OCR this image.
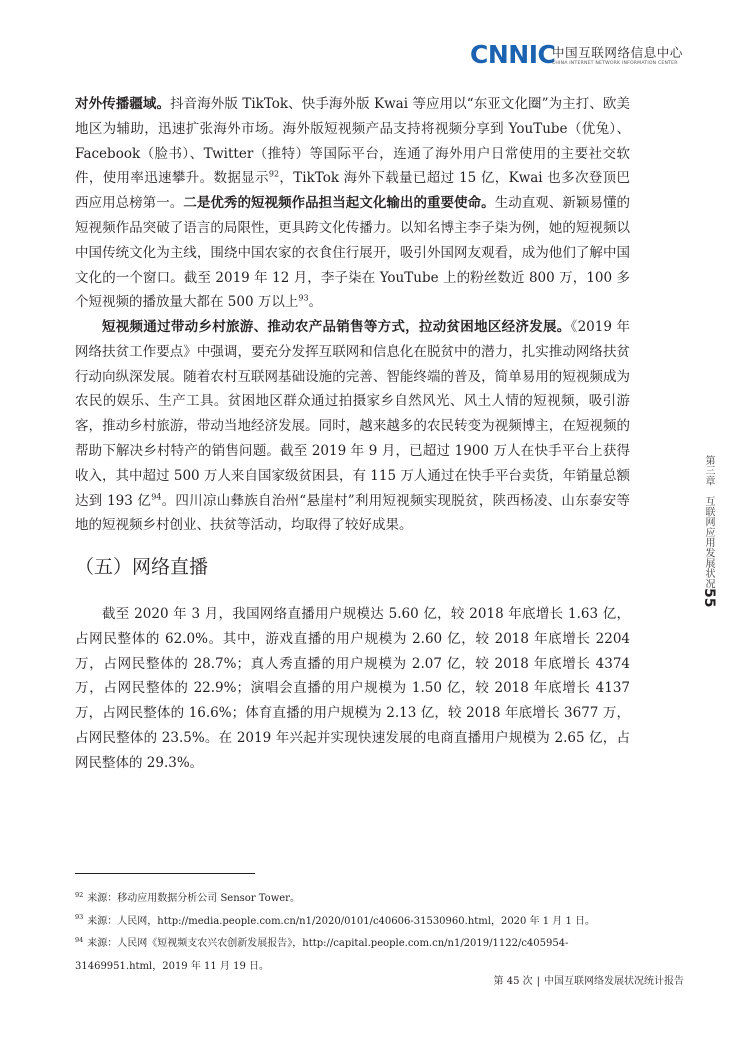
CNNIC
中国互联网络信息中心
CHINA INTERNET NETWORK INFORMATION CENTER

对外传播疆域。抖音海外版 TikTok、快手海外版 Kwai 等应用以“东亚文化圈”为主打、欧美地区为辅助，迅速扩张海外市场。海外版短视频产品支持将视频分享到 YouTube（优兔）、Facebook（脸书）、Twitter（推特）等国际平台，连通了海外用户日常使用的主要社交软件，使用率迅速攀升。数据显示$^{92}$，TikTok 海外下载量已超过 15 亿，Kwai 也多次登顶巴西应用总榜第一。二是优秀的短视频作品担当起文化输出的重要使命。生动直观、新颖易懂的短视频作品突破了语言的局限性，更具跨文化传播力。以知名博主李子柒为例，她的短视频以中国传统文化为主线，围绕中国农家的衣食住行展开，吸引外国网友观看，成为他们了解中国文化的一个窗口。截至 2019 年 12 月，李子柒在 YouTube 上的粉丝数近 800 万，100 多个短视频的播放量大都在 500 万以上$^{93}$。

短视频通过带动乡村旅游、推动农产品销售等方式，拉动贫困地区经济发展。《2019 年网络扶贫工作要点》中强调，要充分发挥互联网和信息化在脱贫中的潜力，扎实推动网络扶贫行动向纵深发展。随着农村互联网基础设施的完善、智能终端的普及，简单易用的短视频成为农民的娱乐、生产工具。贫困地区群众通过拍摄家乡自然风光、风土人情的短视频，吸引游客，推动乡村旅游，带动当地经济发展。同时，越来越多的农民转变为视频博主，在短视频的帮助下解决乡村特产的销售问题。截至 2019 年 9 月，已超过 1900 万人在快手平台上获得收入，其中超过 500 万人来自国家级贫困县，有 115 万人通过在快手平台卖货，年销量总额达到 193 亿$^{94}$。四川凉山彝族自治州“悬崖村”利用短视频实现脱贫，陕西杨凌、山东泰安等地的短视频乡村创业、扶贫等活动，均取得了较好成果。

（五）网络直播

截至 2020 年 3 月，我国网络直播用户规模达 5.60 亿，较 2018 年底增长 1.63 亿，占网民整体的 62.0%。其中，游戏直播的用户规模为 2.60 亿，较 2018 年底增长 2204 万，占网民整体的 28.7%；真人秀直播的用户规模为 2.07 亿，较 2018 年底增长 4374 万，占网民整体的 22.9%；演唱会直播的用户规模为 1.50 亿，较 2018 年底增长 4137 万，占网民整体的 16.6%；体育直播的用户规模为 2.13 亿，较 2018 年底增长 3677 万，占网民整体的 23.5%。在 2019 年兴起并实现快速发展的电商直播用户规模为 2.65 亿，占网民整体的 29.3%。

第三章　互联网应用发展状况
55

$^{92}$ 来源：移动应用数据分析公司 Sensor Tower。

$^{93}$ 来源：人民网，http://media.people.com.cn/n1/2020/0101/c40606-31530960.html，2020 年 1 月 1 日。

$^{94}$ 来源：人民网《短视频支农兴农创新发展报告》，http://capital.people.com.cn/n1/2019/1122/c405954-31469951.html，2019 年 11 月 19 日。

第 45 次 | 中国互联网络发展状况统计报告
